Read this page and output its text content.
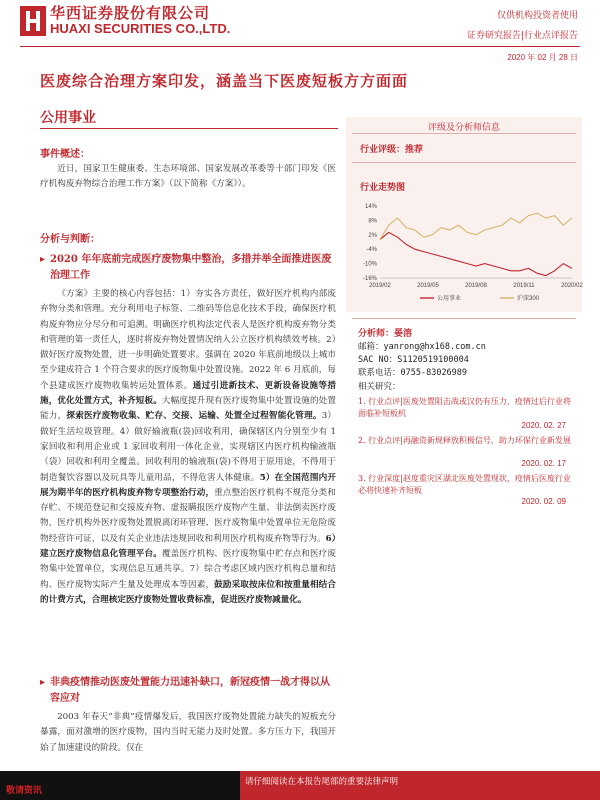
华西证券股份有限公司
HUAXI SECURITIES CO.,LTD.
仅供机构投资者使用
证券研究报告|行业点评报告
2020 年 02 月 28 日
医废综合治理方案印发，涵盖当下医废短板方方面面
公用事业
事件概述：
近日，国家卫生健康委、生态环境部、国家发展改革委等十部门印发《医疗机构废弃物综合治理工作方案》（以下简称《方案》）。
分析与判断：
▸ 2020 年年底前完成医疗废物集中整治，多措并举全面推进医废治理工作
《方案》主要的核心内容包括：1）夯实各方责任，做好医疗机构内部废弃物分类和管理。充分利用电子标签、二维码等信息化技术手段，确保医疗机构废弃物应分尽分和可追溯。明确医疗机构法定代表人是医疗机构废弃物分类和管理的第一责任人，逐时将废弃物处置情况纳入公立医疗机构绩效考核。2）做好医疗废物处置，进一步明确处置要求。强调在 2020 年底前地级以上城市至少建成符合 1 个符合要求的医疗废物集中处置设施。2022 年 6 月底前，每个县建成医疗废物收集转运处置体系。通过引进新技术、更新设备设施等措施，优化处置方式，补齐短板。大幅度提升现有医疗废物集中处置设施的处置能力，探索医疗废物收集、贮存、交接、运输、处置全过程智能化管理。3）做好生活垃圾管理。4）做好输液瓶(袋)回收利用，确保辖区内分别至少有 1 家回收和利用企业或 1 家回收利用一体化企业，实现辖区内医疗机构输液瓶（袋）回收和利用全覆盖。回收利用的输液瓶(袋)不得用于原用途，不得用于制造餐饮容器以及玩具等儿童用品，不得危害人体健康。5）在全国范围内开展为期半年的医疗机构废弃物专项整治行动，重点整治医疗机构不规范分类和存贮、不规范登记和交接废弃物、虚报瞒报医疗废物产生量、非法倒卖医疗废物，医疗机构外医疗废物处置脱离闭环管理、医疗废物集中处置单位无危险废物经营许可证，以及有关企业违法违规回收和利用医疗机构废弃物等行为。6）建立医疗废物信息化管理平台。覆盖医疗机构、医疗废物集中贮存点和医疗废物集中处置单位，实现信息互通共享。7）综合考虑区域内医疗机构总量和结构、医疗废物实际产生量及处理成本等因素，鼓励采取按床位和按重量相结合的计费方式，合理核定医疗废物处置收费标准，促进医疗废物减量化。
▸ 非典疫情推动医废处置能力迅速补缺口，新冠疫情一战才得以从容应对
2003 年春天“非典”疫情爆发后，我国医疗废物处置能力缺失的短板充分暴露，面对激增的医疗废物，国内当时无能力及时处置。多方压力下，我国开始了加速建设的阶段。仅在
评级及分析师信息
行业评级：推荐
行业走势图
14%
8%
2%
-4%
-10%
-16%
2019/02	2019/05	2019/08	2019/11	2020/02
公用事业	沪深300
分析师：晏溶
邮箱：yanrong@hx168.com.cn
SAC NO：S1120519100004
联系电话：0755-83026989
相关研究：
1. 行业点评|医废处置阻击战或汉仍有压力，疫情过后行业将面临补短板机
2020. 02. 27
2. 行业点评|再融资新规释放积极信号，助力环保行业新发展
2020. 02. 17
3. 行业深度|赵度重灾区湖北医废处置现状，疫情后医废行业必将快速补齐短板
2020. 02. 09
敬请资讯
请仔细阅读在本报告尾部的重要法律声明
